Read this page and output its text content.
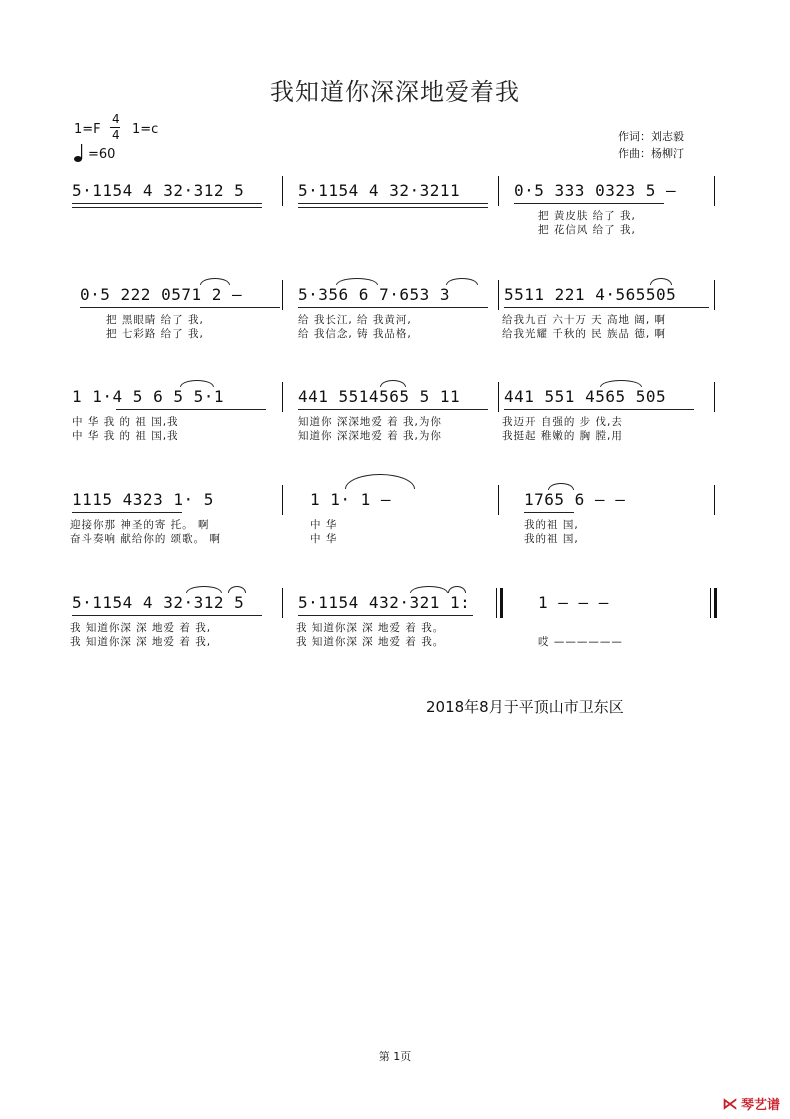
我知道你深深地爱着我
1=F
4
4 1=c
=60
作词：刘志毅
作曲：杨柳汀
5·1154 4 32·312 5	5·1154 4 32·3211	0·5 333 0323 5 –
把 黄皮肤 给了 我,
把 花信风 给了 我,
0·5 222 0571 2 –	5·356 6 7·653 3	5511 221 4·565505
把 黑眼睛 给了 我,
把 七彩路 给了 我,
给 我长江, 给 我黄河,
给 我信念, 铸 我品格,
给我九百 六十万 天 高地 阔, 啊
给我光耀 千秋的 民 族品 德, 啊
1 1·4 5 6 5 5·1	441 5514565 5 11	441 551 4565 505
中 华 我 的 祖 国,我
中 华 我 的 祖 国,我
知道你 深深地爱 着 我,为你
知道你 深深地爱 着 我,为你
我迈开 自强的 步 伐,去
我挺起 稚嫩的 胸 膛,用
1115 4323 1· 5	1 1· 1 –	1765 6 – –
迎接你那 神圣的寄 托。 啊
奋斗奏响 献给你的 颂歌。 啊
中 华
中 华
我的祖 国,
我的祖 国,
5·1154 4 32·312 5	5·1154 432·321 1:	1 – – –
我 知道你深 深 地爱 着 我,
我 知道你深 深 地爱 着 我,
我 知道你深 深 地爱 着 我。
我 知道你深 深 地爱 着 我。	哎 ——————
2018年8月于平顶山市卫东区
第 1页
⋉ 琴艺谱
